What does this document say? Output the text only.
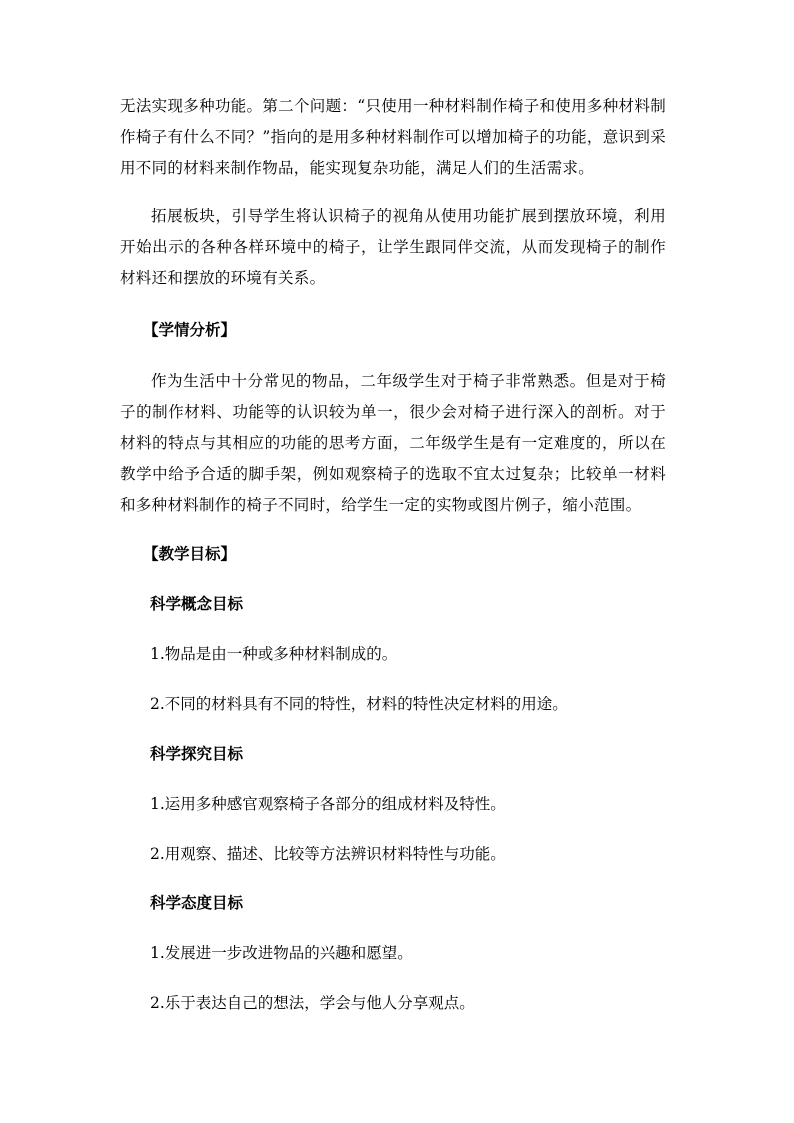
无法实现多种功能。第二个问题：“只使用一种材料制作椅子和使用多种材料制作椅子有什么不同？”指向的是用多种材料制作可以增加椅子的功能，意识到采用不同的材料来制作物品，能实现复杂功能，满足人们的生活需求。

拓展板块，引导学生将认识椅子的视角从使用功能扩展到摆放环境，利用开始出示的各种各样环境中的椅子，让学生跟同伴交流，从而发现椅子的制作材料还和摆放的环境有关系。

【学情分析】

作为生活中十分常见的物品，二年级学生对于椅子非常熟悉。但是对于椅子的制作材料、功能等的认识较为单一，很少会对椅子进行深入的剖析。对于材料的特点与其相应的功能的思考方面，二年级学生是有一定难度的，所以在教学中给予合适的脚手架，例如观察椅子的选取不宜太过复杂；比较单一材料和多种材料制作的椅子不同时，给学生一定的实物或图片例子，缩小范围。

【教学目标】

科学概念目标

1.物品是由一种或多种材料制成的。

2.不同的材料具有不同的特性，材料的特性决定材料的用途。

科学探究目标

1.运用多种感官观察椅子各部分的组成材料及特性。

2.用观察、描述、比较等方法辨识材料特性与功能。

科学态度目标

1.发展进一步改进物品的兴趣和愿望。

2.乐于表达自己的想法，学会与他人分享观点。
